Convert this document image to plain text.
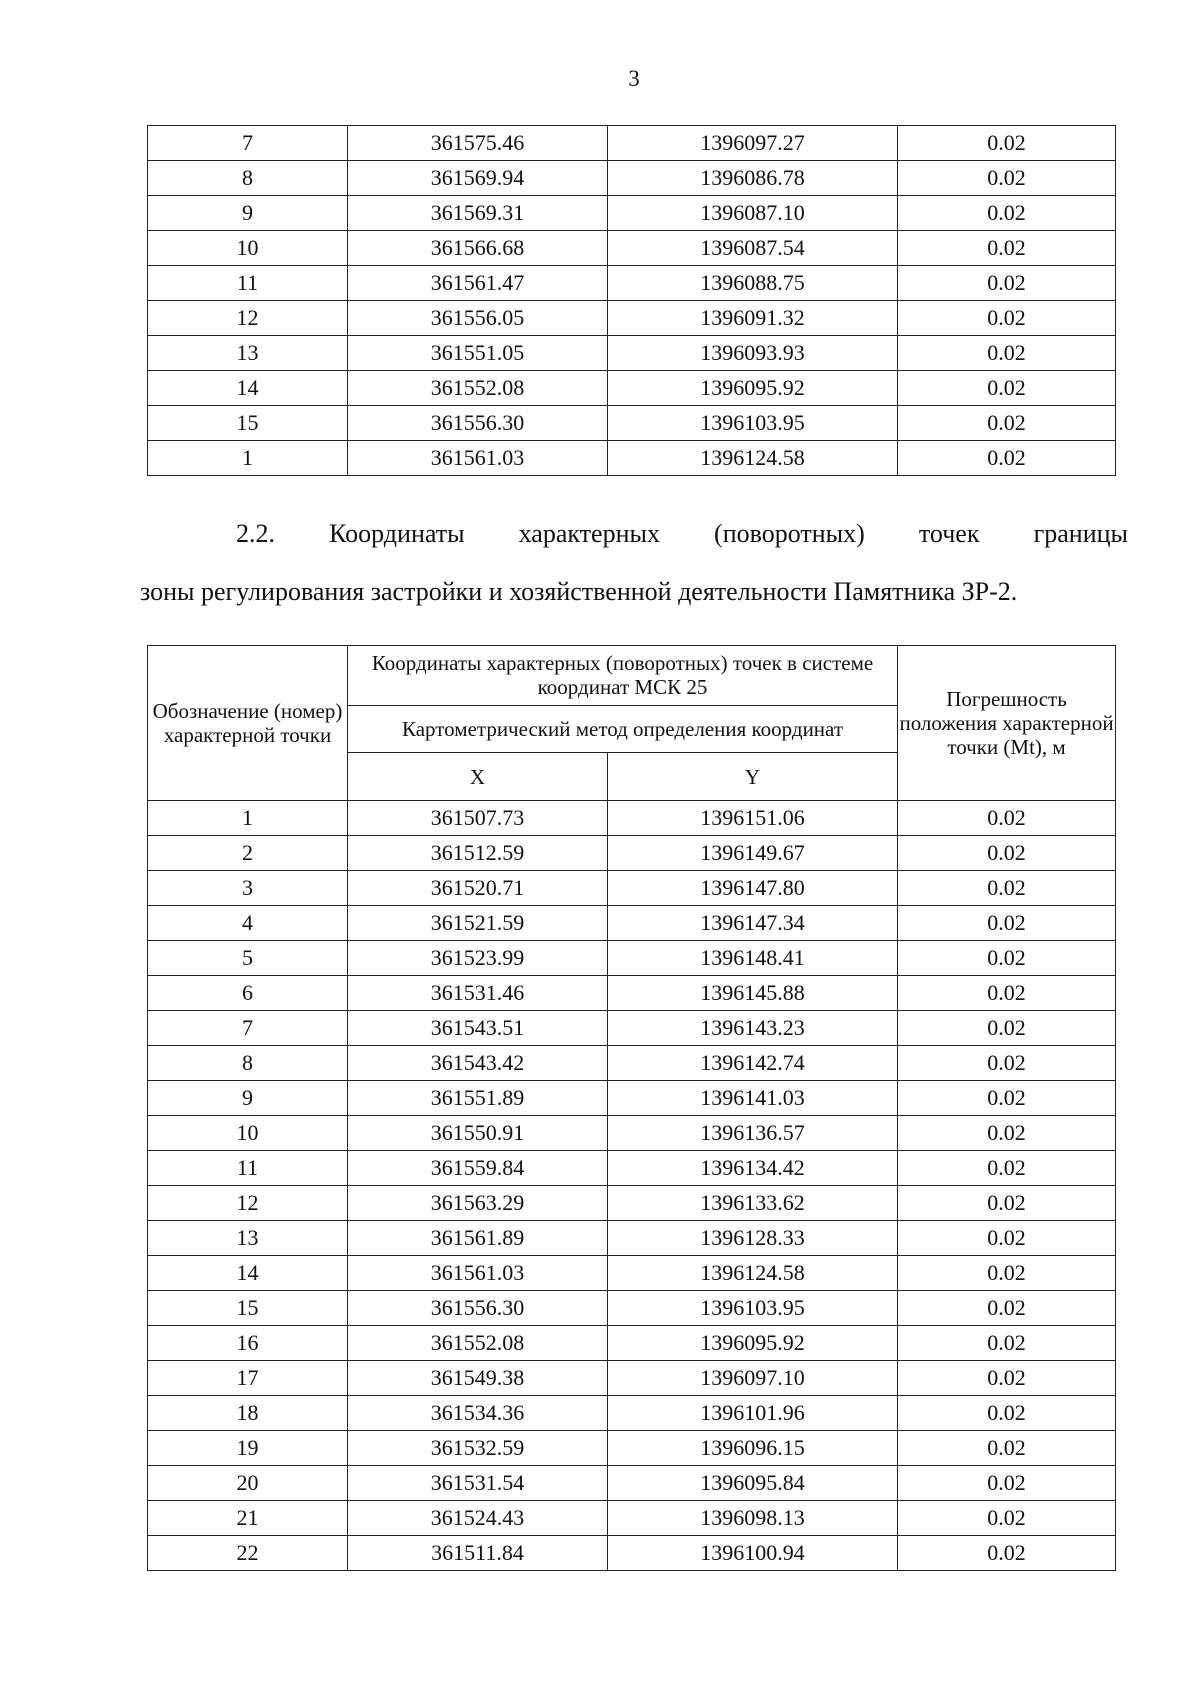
3
7	361575.46	1396097.27	0.02
8	361569.94	1396086.78	0.02
9	361569.31	1396087.10	0.02
10	361566.68	1396087.54	0.02
11	361561.47	1396088.75	0.02
12	361556.05	1396091.32	0.02
13	361551.05	1396093.93	0.02
14	361552.08	1396095.92	0.02
15	361556.30	1396103.95	0.02
1	361561.03	1396124.58	0.02
2.2. Координаты характерных (поворотных) точек границы
зоны регулирования застройки и хозяйственной деятельности Памятника ЗР-2.
Обозначение (номер) характерной точки	Координаты характерных (поворотных) точек в системе координат МСК 25		Погрешность положения характерной точки (Mt), м
	Картометрический метод определения координат		
	X	Y	
1	361507.73	1396151.06	0.02
2	361512.59	1396149.67	0.02
3	361520.71	1396147.80	0.02
4	361521.59	1396147.34	0.02
5	361523.99	1396148.41	0.02
6	361531.46	1396145.88	0.02
7	361543.51	1396143.23	0.02
8	361543.42	1396142.74	0.02
9	361551.89	1396141.03	0.02
10	361550.91	1396136.57	0.02
11	361559.84	1396134.42	0.02
12	361563.29	1396133.62	0.02
13	361561.89	1396128.33	0.02
14	361561.03	1396124.58	0.02
15	361556.30	1396103.95	0.02
16	361552.08	1396095.92	0.02
17	361549.38	1396097.10	0.02
18	361534.36	1396101.96	0.02
19	361532.59	1396096.15	0.02
20	361531.54	1396095.84	0.02
21	361524.43	1396098.13	0.02
22	361511.84	1396100.94	0.02
